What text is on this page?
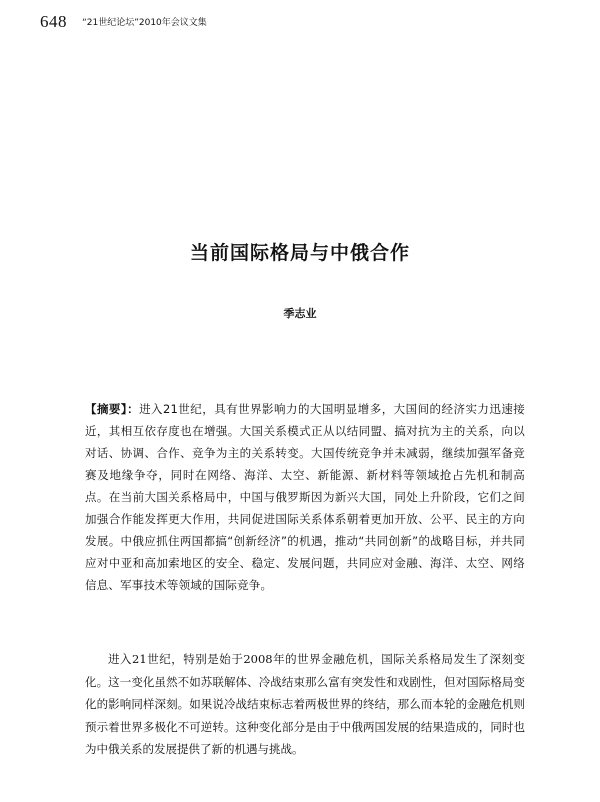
648 “21世纪论坛”2010年会议文集
当前国际格局与中俄合作
季志业
【摘要】：进入21世纪，具有世界影响力的大国明显增多，大国间的经济实力迅速接近，其相互依存度也在增强。大国关系模式正从以结同盟、搞对抗为主的关系，向以对话、协调、合作、竞争为主的关系转变。大国传统竞争并未减弱，继续加强军备竞赛及地缘争夺，同时在网络、海洋、太空、新能源、新材料等领域抢占先机和制高点。在当前大国关系格局中，中国与俄罗斯因为新兴大国，同处上升阶段，它们之间加强合作能发挥更大作用，共同促进国际关系体系朝着更加开放、公平、民主的方向发展。中俄应抓住两国都搞“创新经济”的机遇，推动“共同创新”的战略目标，并共同应对中亚和高加索地区的安全、稳定、发展问题，共同应对金融、海洋、太空、网络信息、军事技术等领域的国际竞争。

进入21世纪，特别是始于2008年的世界金融危机，国际关系格局发生了深刻变化。这一变化虽然不如苏联解体、冷战结束那么富有突发性和戏剧性，但对国际格局变化的影响同样深刻。如果说冷战结束标志着两极世界的终结，那么而本轮的金融危机则预示着世界多极化不可逆转。这种变化部分是由于中俄两国发展的结果造成的，同时也为中俄关系的发展提供了新的机遇与挑战。
